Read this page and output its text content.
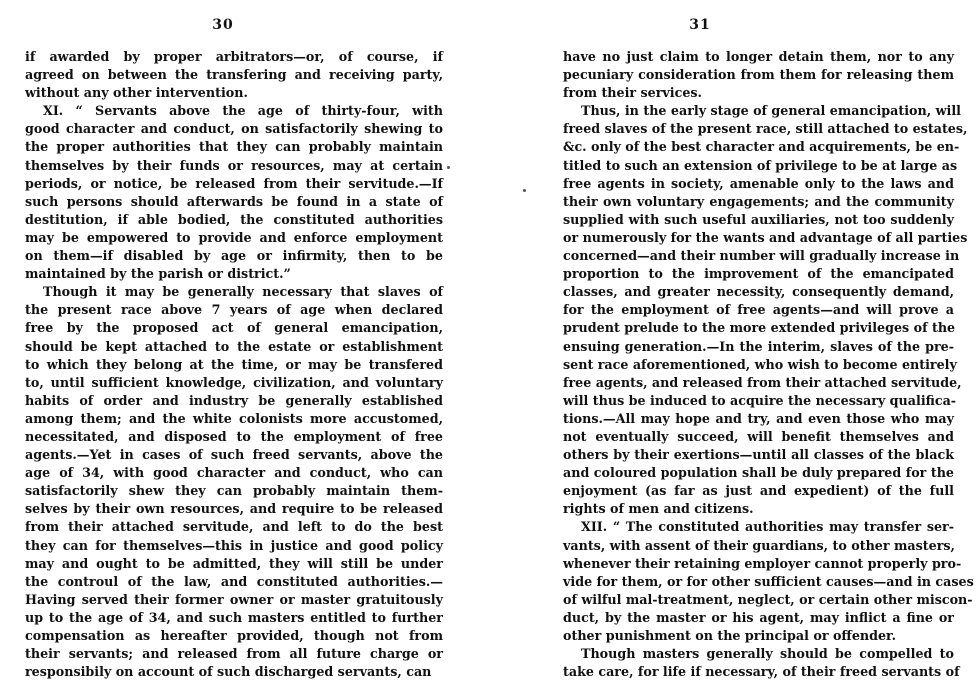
30	31
if awarded by proper arbitrators—or, of course, if
agreed on between the transfering and receiving party,
without any other intervention.
XI. “ Servants above the age of thirty-four, with
good character and conduct, on satisfactorily shewing to
the proper authorities that they can probably maintain
themselves by their funds or resources, may at certain
periods, or notice, be released from their servitude.—If
such persons should afterwards be found in a state of
destitution, if able bodied, the constituted authorities
may be empowered to provide and enforce employment
on them—if disabled by age or infirmity, then to be
maintained by the parish or district.”
Though it may be generally necessary that slaves of
the present race above 7 years of age when declared
free by the proposed act of general emancipation,
should be kept attached to the estate or establishment
to which they belong at the time, or may be transfered
to, until sufficient knowledge, civilization, and voluntary
habits of order and industry be generally established
among them; and the white colonists more accustomed,
necessitated, and disposed to the employment of free
agents.—Yet in cases of such freed servants, above the
age of 34, with good character and conduct, who can
satisfactorily shew they can probably maintain them-
selves by their own resources, and require to be released
from their attached servitude, and left to do the best
they can for themselves—this in justice and good policy
may and ought to be admitted, they will still be under
the controul of the law, and constituted authorities.—
Having served their former owner or master gratuitously
up to the age of 34, and such masters entitled to further
compensation as hereafter provided, though not from
their servants; and released from all future charge or
responsibily on account of such discharged servants, can
have no just claim to longer detain them, nor to any
pecuniary consideration from them for releasing them
from their services.
Thus, in the early stage of general emancipation, will
freed slaves of the present race, still attached to estates,
&c. only of the best character and acquirements, be en-
titled to such an extension of privilege to be at large as
free agents in society, amenable only to the laws and
their own voluntary engagements; and the community
supplied with such useful auxiliaries, not too suddenly
or numerously for the wants and advantage of all parties
concerned—and their number will gradually increase in
proportion to the improvement of the emancipated
classes, and greater necessity, consequently demand,
for the employment of free agents—and will prove a
prudent prelude to the more extended privileges of the
ensuing generation.—In the interim, slaves of the pre-
sent race aforementioned, who wish to become entirely
free agents, and released from their attached servitude,
will thus be induced to acquire the necessary qualifica-
tions.—All may hope and try, and even those who may
not eventually succeed, will benefit themselves and
others by their exertions—until all classes of the black
and coloured population shall be duly prepared for the
enjoyment (as far as just and expedient) of the full
rights of men and citizens.
XII. “ The constituted authorities may transfer ser-
vants, with assent of their guardians, to other masters,
whenever their retaining employer cannot properly pro-
vide for them, or for other sufficient causes—and in cases
of wilful mal-treatment, neglect, or certain other miscon-
duct, by the master or his agent, may inflict a fine or
other punishment on the principal or offender.
Though masters generally should be compelled to
take care, for life if necessary, of their freed servants of
